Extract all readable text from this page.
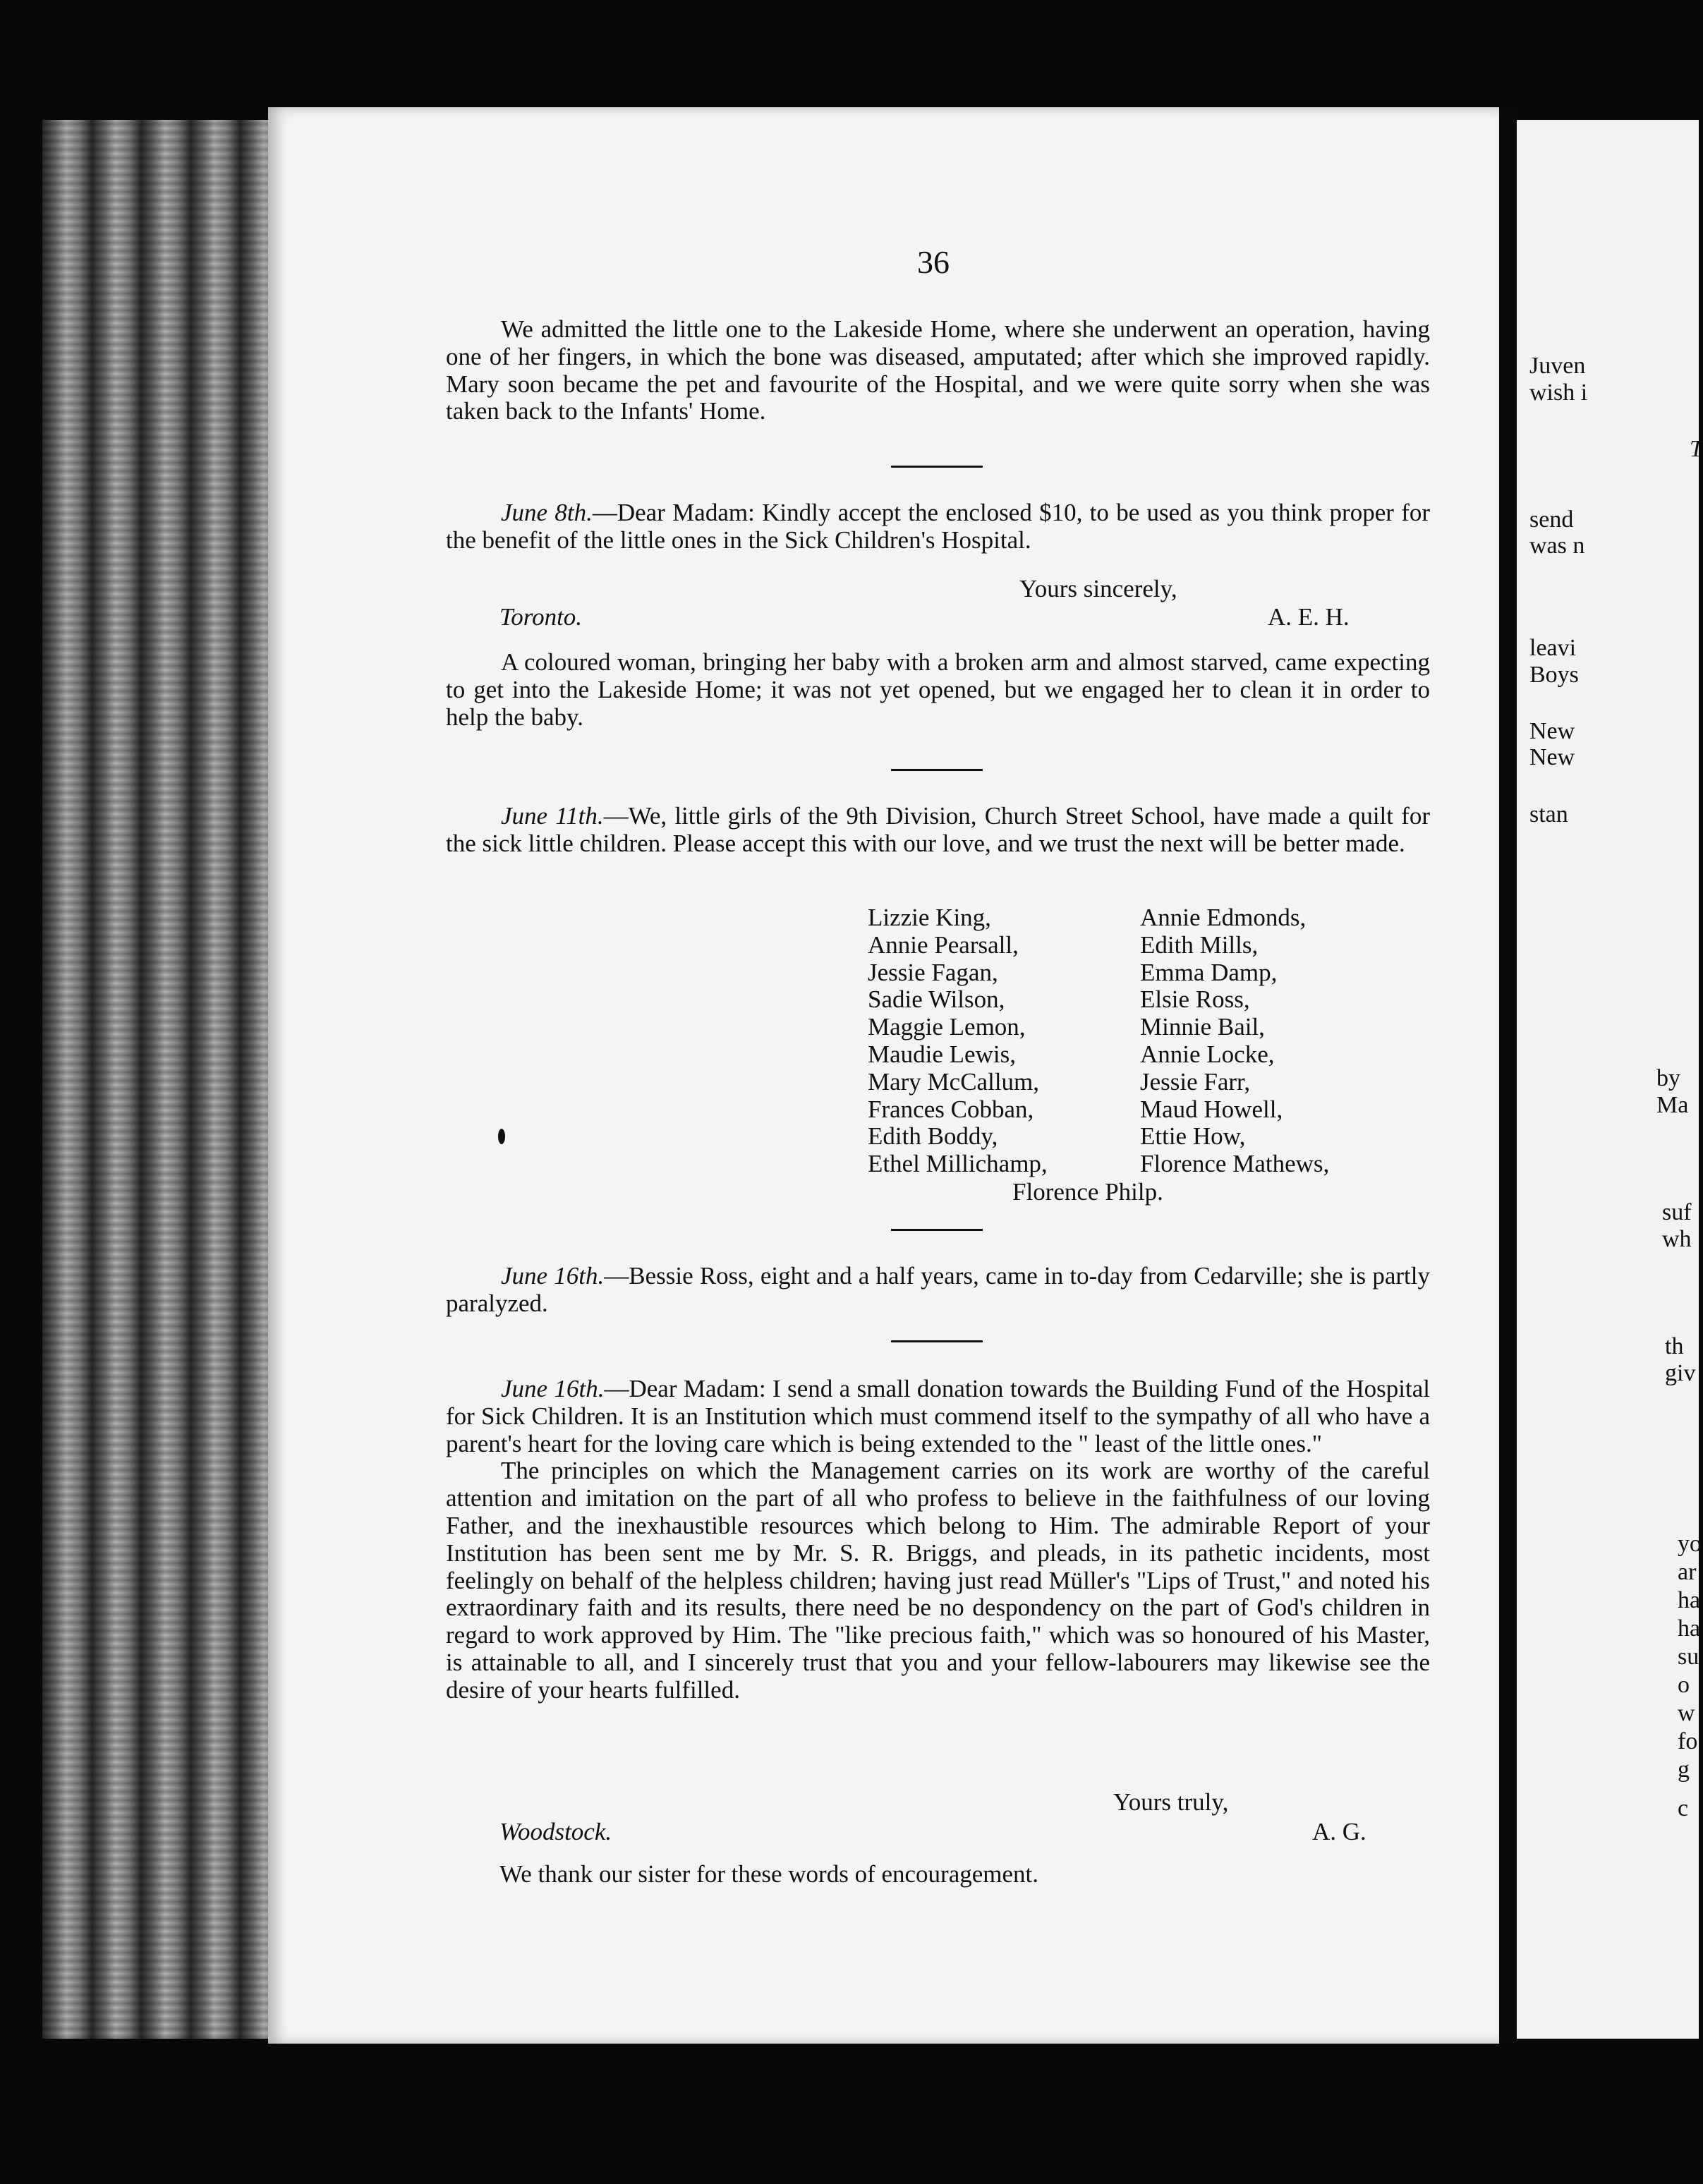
Juven
wish i
T
send
was n
leavi
Boys
New
New
stan
by
Ma
suf
wh
th
giv
yo
ar
ha
ha
su
o
w
fo
g
c
36

We admitted the little one to the Lakeside Home, where she underwent an operation, having one of her fingers, in which the bone was diseased, amputated; after which she improved rapidly. Mary soon became the pet and favourite of the Hospital, and we were quite sorry when she was taken back to the Infants' Home.

June 8th.—Dear Madam: Kindly accept the enclosed $10, to be used as you think proper for the benefit of the little ones in the Sick Children's Hospital.

Yours sincerely,
Toronto.	A. E. H.

A coloured woman, bringing her baby with a broken arm and almost starved, came expecting to get into the Lakeside Home; it was not yet opened, but we engaged her to clean it in order to help the baby.

June 11th.—We, little girls of the 9th Division, Church Street School, have made a quilt for the sick little children. Please accept this with our love, and we trust the next will be better made.

Lizzie King,
Annie Pearsall,
Jessie Fagan,
Sadie Wilson,
Maggie Lemon,
Maudie Lewis,
Mary McCallum,
Frances Cobban,
Edith Boddy,
Ethel Millichamp,
Annie Edmonds,
Edith Mills,
Emma Damp,
Elsie Ross,
Minnie Bail,
Annie Locke,
Jessie Farr,
Maud Howell,
Ettie How,
Florence Mathews,
Florence Philp.

June 16th.—Bessie Ross, eight and a half years, came in to-day from Cedarville; she is partly paralyzed.

June 16th.—Dear Madam: I send a small donation towards the Building Fund of the Hospital for Sick Children. It is an Institution which must commend itself to the sympathy of all who have a parent's heart for the loving care which is being extended to the " least of the little ones."

The principles on which the Management carries on its work are worthy of the careful attention and imitation on the part of all who profess to believe in the faithfulness of our loving Father, and the inexhaustible resources which belong to Him. The admirable Report of your Institution has been sent me by Mr. S. R. Briggs, and pleads, in its pathetic incidents, most feelingly on behalf of the helpless children; having just read Müller's "Lips of Trust," and noted his extraordinary faith and its results, there need be no despondency on the part of God's children in regard to work approved by Him. The "like precious faith," which was so honoured of his Master, is attainable to all, and I sincerely trust that you and your fellow-labourers may likewise see the desire of your hearts fulfilled.

Yours truly,
Woodstock.	A. G.
We thank our sister for these words of encouragement.
